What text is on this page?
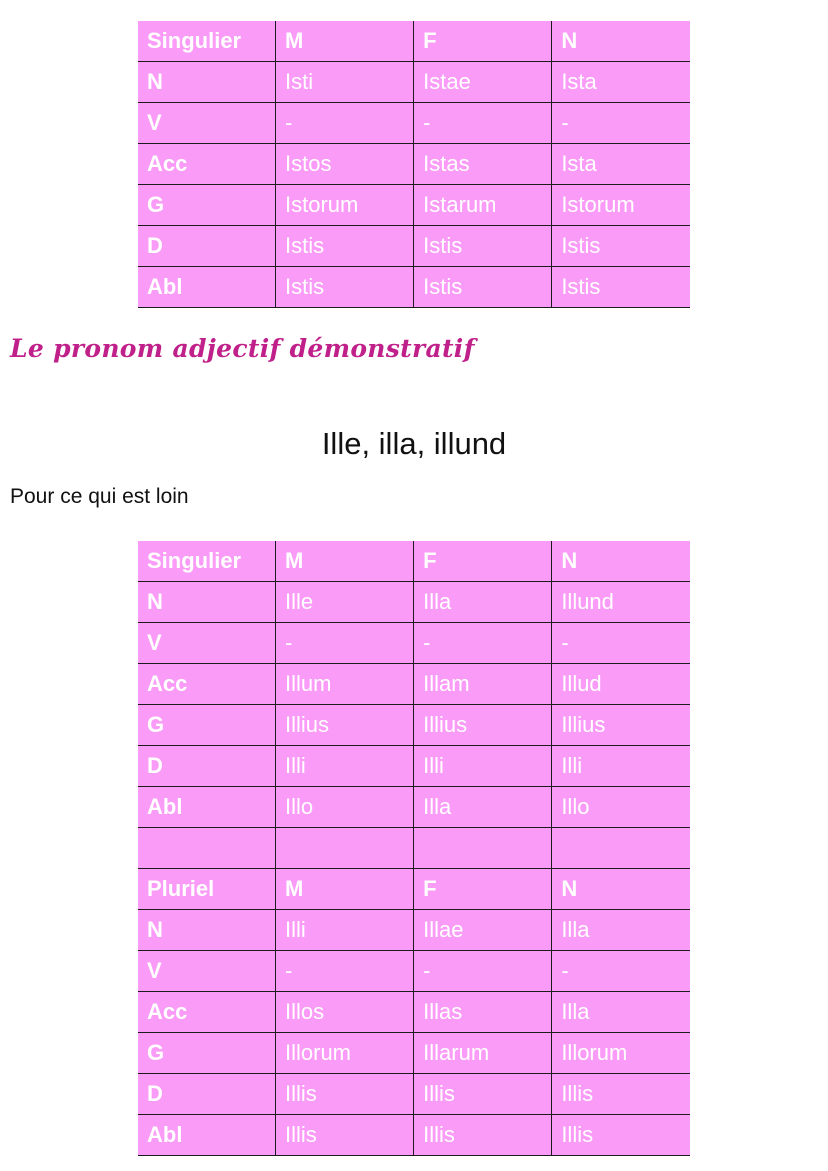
Singulier	M	F	N
N	Isti	Istae	Ista
V	-	-	-
Acc	Istos	Istas	Ista
G	Istorum	Istarum	Istorum
D	Istis	Istis	Istis
Abl	Istis	Istis	Istis
Le pronom adjectif démonstratif
Ille, illa, illund
Pour ce qui est loin
Singulier	M	F	N
N	Ille	Illa	Illund
V	-	-	-
Acc	Illum	Illam	Illud
G	Illius	Illius	Illius
D	Illi	Illi	Illi
Abl	Illo	Illa	Illo

Pluriel	M	F	N
N	Illi	Illae	Illa
V	-	-	-
Acc	Illos	Illas	Illa
G	Illorum	Illarum	Illorum
D	Illis	Illis	Illis
Abl	Illis	Illis	Illis
